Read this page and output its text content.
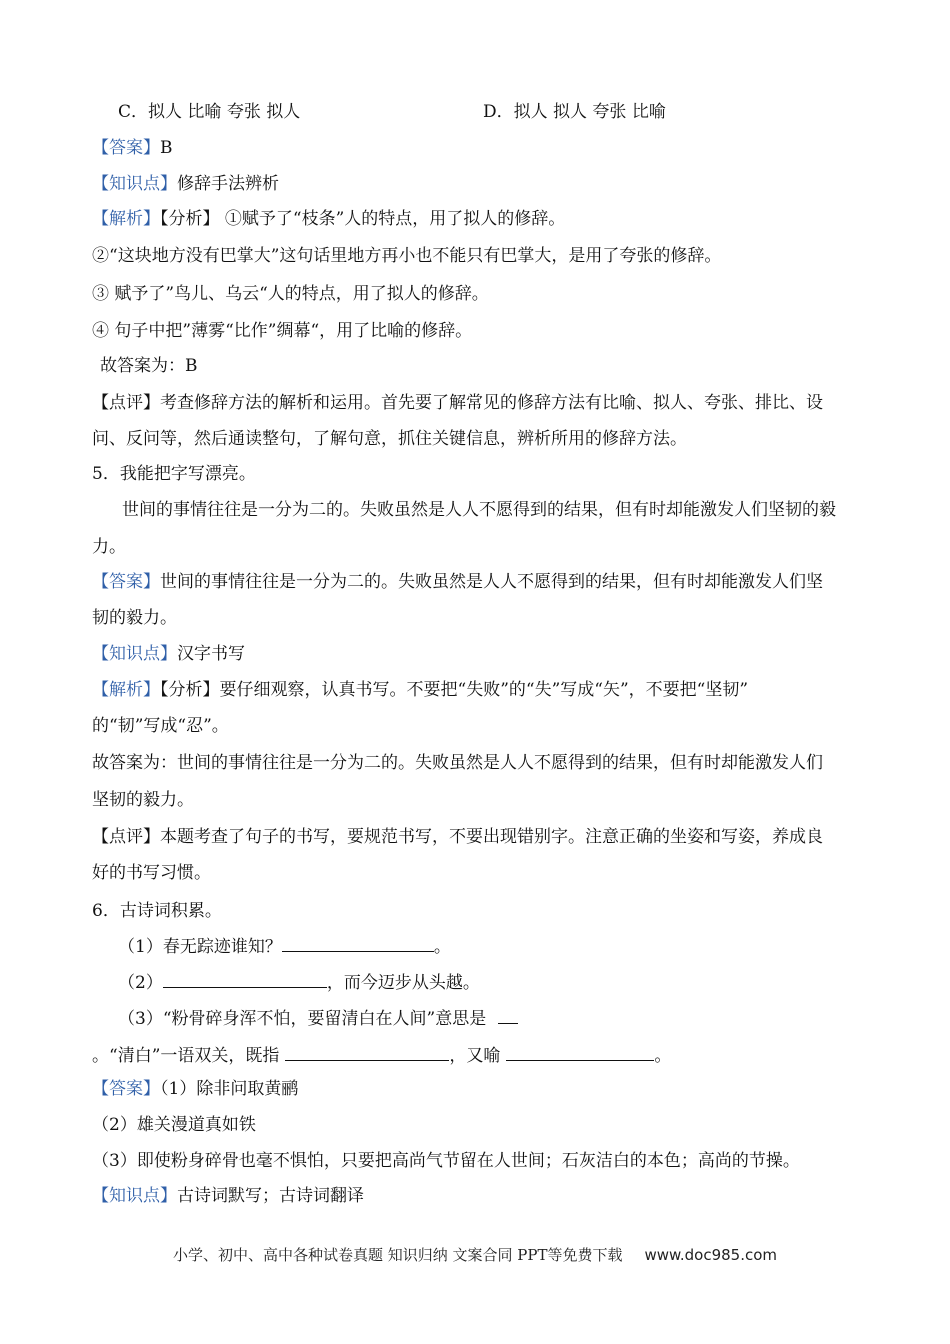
C．拟人 比喻 夸张 拟人	D．拟人 拟人 夸张 比喻
【答案】B
【知识点】修辞手法辨析
【解析】【分析】 ①赋予了“枝条”人的特点，用了拟人的修辞。
②“这块地方没有巴掌大”这句话里地方再小也不能只有巴掌大，是用了夸张的修辞。
③ 赋予了”鸟儿、乌云“人的特点，用了拟人的修辞。
④ 句子中把”薄雾“比作”绸幕“，用了比喻的修辞。
故答案为：B
【点评】考查修辞方法的解析和运用。首先要了解常见的修辞方法有比喻、拟人、夸张、排比、设
问、反问等，然后通读整句，了解句意，抓住关键信息，辨析所用的修辞方法。
5．我能把字写漂亮。
世间的事情往往是一分为二的。失败虽然是人人不愿得到的结果，但有时却能激发人们坚韧的毅
力。
【答案】世间的事情往往是一分为二的。失败虽然是人人不愿得到的结果，但有时却能激发人们坚
韧的毅力。
【知识点】汉字书写
【解析】【分析】要仔细观察，认真书写。不要把“失败”的“失”写成“矢”，不要把“坚韧”
的“韧”写成“忍”。
故答案为：世间的事情往往是一分为二的。失败虽然是人人不愿得到的结果，但有时却能激发人们
坚韧的毅力。
【点评】本题考查了句子的书写，要规范书写，不要出现错别字。注意正确的坐姿和写姿，养成良
好的书写习惯。
6．古诗词积累。
（1）春无踪迹谁知？	。
（2）	，而今迈步从头越。
（3）“粉骨碎身浑不怕，要留清白在人间”意思是
。“清白”一语双关，既指	，又喻	。
【答案】（1）除非问取黄鹂
（2）雄关漫道真如铁
（3）即使粉身碎骨也毫不惧怕，只要把高尚气节留在人世间；石灰洁白的本色；高尚的节操。
【知识点】古诗词默写；古诗词翻译
小学、初中、高中各种试卷真题 知识归纳 文案合同 PPT等免费下载 www.doc985.com
